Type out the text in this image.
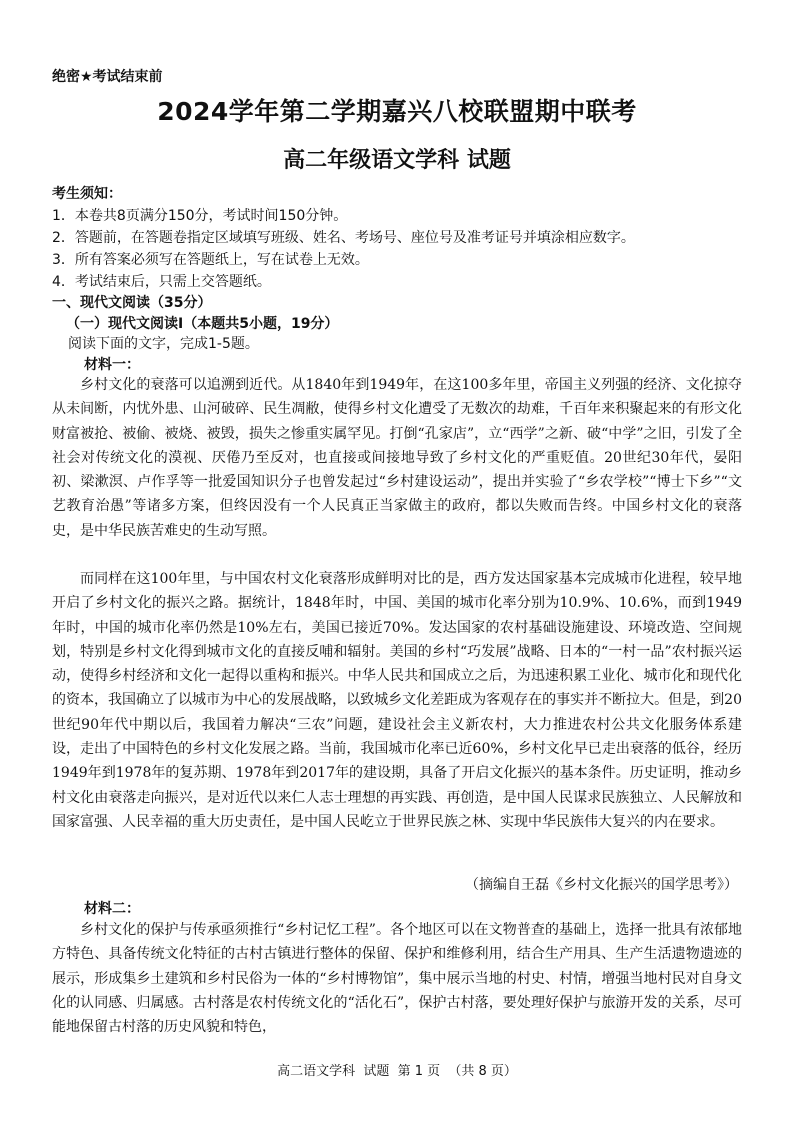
绝密★考试结束前
2024学年第二学期嘉兴八校联盟期中联考
高二年级语文学科 试题
考生须知：
1．本卷共8页满分150分，考试时间150分钟。
2．答题前，在答题卷指定区域填写班级、姓名、考场号、座位号及准考证号并填涂相应数字。
3．所有答案必须写在答题纸上，写在试卷上无效。
4．考试结束后，只需上交答题纸。
一、现代文阅读（35分）
（一）现代文阅读Ⅰ（本题共5小题，19分）
阅读下面的文字，完成1-5题。
材料一：
乡村文化的衰落可以追溯到近代。从1840年到1949年，在这100多年里，帝国主义列强的经济、文化掠夺从未间断，内忧外患、山河破碎、民生凋敝，使得乡村文化遭受了无数次的劫难，千百年来积聚起来的有形文化财富被抢、被偷、被烧、被毁，损失之惨重实属罕见。打倒“孔家店”，立“西学”之新、破“中学”之旧，引发了全社会对传统文化的漠视、厌倦乃至反对，也直接或间接地导致了乡村文化的严重贬值。20世纪30年代，晏阳初、梁漱溟、卢作孚等一批爱国知识分子也曾发起过“乡村建设运动”，提出并实验了“乡农学校”“博士下乡”“文艺教育治愚”等诸多方案，但终因没有一个人民真正当家做主的政府，都以失败而告终。中国乡村文化的衰落史，是中华民族苦难史的生动写照。
而同样在这100年里，与中国农村文化衰落形成鲜明对比的是，西方发达国家基本完成城市化进程，较早地开启了乡村文化的振兴之路。据统计，1848年时，中国、美国的城市化率分别为10.9%、10.6%，而到1949年时，中国的城市化率仍然是10%左右，美国已接近70%。发达国家的农村基础设施建设、环境改造、空间规划，特别是乡村文化得到城市文化的直接反哺和辐射。美国的乡村“巧发展”战略、日本的“一村一品”农村振兴运动，使得乡村经济和文化一起得以重构和振兴。中华人民共和国成立之后，为迅速积累工业化、城市化和现代化的资本，我国确立了以城市为中心的发展战略，以致城乡文化差距成为客观存在的事实并不断拉大。但是，到20世纪90年代中期以后，我国着力解决“三农”问题，建设社会主义新农村，大力推进农村公共文化服务体系建设，走出了中国特色的乡村文化发展之路。当前，我国城市化率已近60%，乡村文化早已走出衰落的低谷，经历1949年到1978年的复苏期、1978年到2017年的建设期，具备了开启文化振兴的基本条件。历史证明，推动乡村文化由衰落走向振兴，是对近代以来仁人志士理想的再实践、再创造，是中国人民谋求民族独立、人民解放和国家富强、人民幸福的重大历史责任，是中国人民屹立于世界民族之林、实现中华民族伟大复兴的内在要求。
（摘编自王磊《乡村文化振兴的国学思考》）
材料二：
乡村文化的保护与传承亟须推行“乡村记忆工程”。各个地区可以在文物普查的基础上，选择一批具有浓郁地方特色、具备传统文化特征的古村古镇进行整体的保留、保护和维修利用，结合生产用具、生产生活遗物遗迹的展示，形成集乡土建筑和乡村民俗为一体的“乡村博物馆”，集中展示当地的村史、村情，增强当地村民对自身文化的认同感、归属感。古村落是农村传统文化的“活化石”，保护古村落，要处理好保护与旅游开发的关系，尽可能地保留古村落的历史风貌和特色，
高二语文学科  试题  第 1 页  （共 8 页）
